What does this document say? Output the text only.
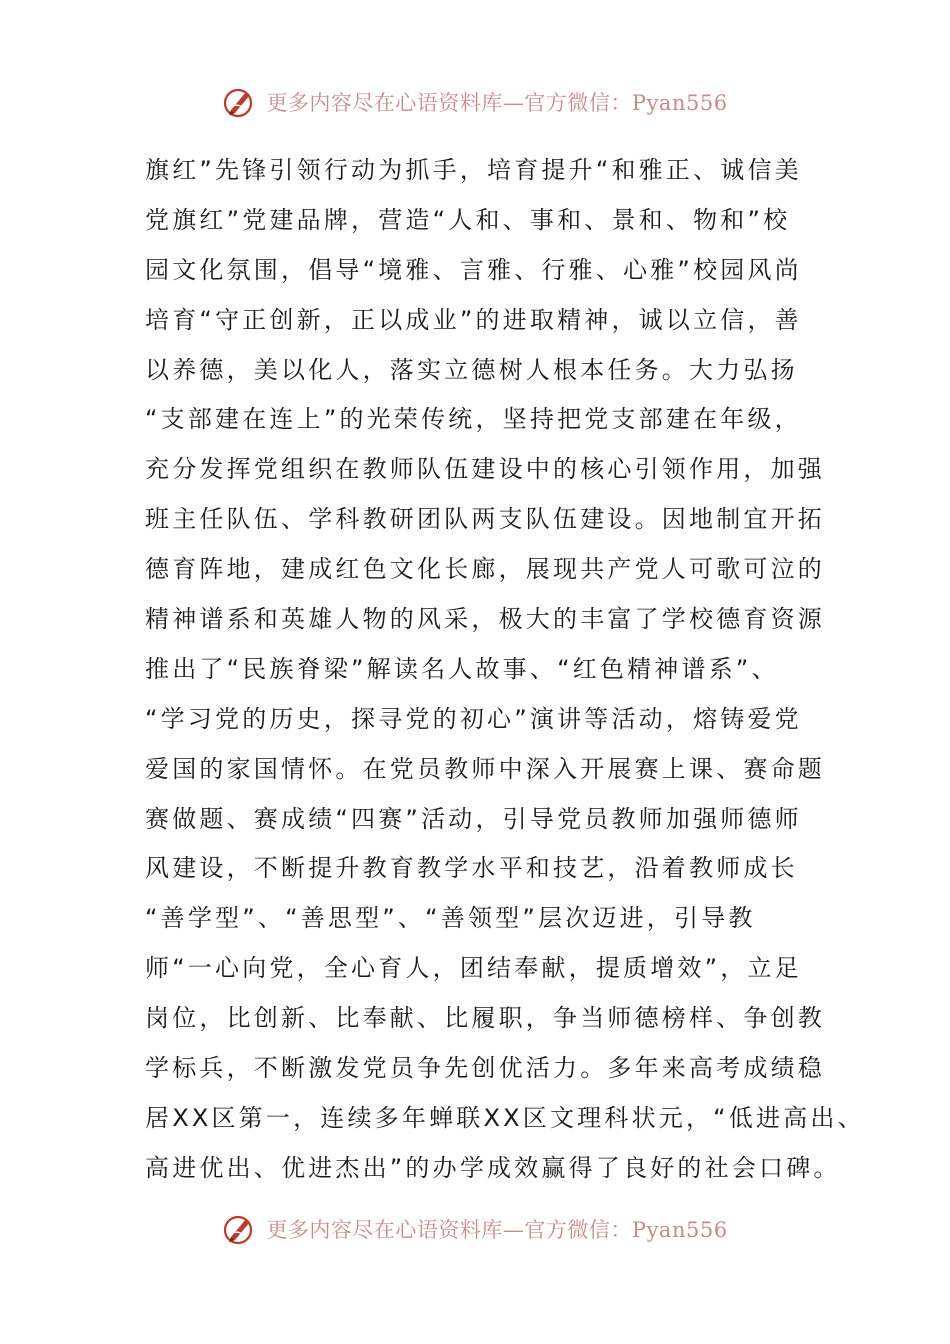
更多内容尽在心语资料库—官方微信：Pyan556
旗红”先锋引领行动为抓手，培育提升“和雅正、诚信美
党旗红”党建品牌，营造“人和、事和、景和、物和”校
园文化氛围，倡导“境雅、言雅、行雅、心雅”校园风尚
培育“守正创新，正以成业”的进取精神，诚以立信，善
以养德，美以化人，落实立德树人根本任务。大力弘扬
“支部建在连上”的光荣传统，坚持把党支部建在年级，
充分发挥党组织在教师队伍建设中的核心引领作用，加强
班主任队伍、学科教研团队两支队伍建设。因地制宜开拓
德育阵地，建成红色文化长廊，展现共产党人可歌可泣的
精神谱系和英雄人物的风采，极大的丰富了学校德育资源
推出了“民族脊梁”解读名人故事、“红色精神谱系”、
“学习党的历史，探寻党的初心”演讲等活动，熔铸爱党
爱国的家国情怀。在党员教师中深入开展赛上课、赛命题
赛做题、赛成绩“四赛”活动，引导党员教师加强师德师
风建设，不断提升教育教学水平和技艺，沿着教师成长
“善学型”、“善思型”、“善领型”层次迈进，引导教
师“一心向党，全心育人，团结奉献，提质增效”，立足
岗位，比创新、比奉献、比履职，争当师德榜样、争创教
学标兵，不断激发党员争先创优活力。多年来高考成绩稳
居XX区第一，连续多年蝉联XX区文理科状元，“低进高出、
高进优出、优进杰出”的办学成效赢得了良好的社会口碑。
更多内容尽在心语资料库—官方微信：Pyan556
